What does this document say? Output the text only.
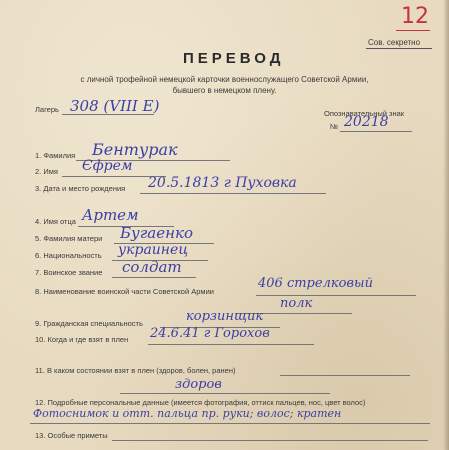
12
Сов. секретно
ПЕРЕВОД
с личной трофейной немецкой карточки военнослужащего Советской Армии,
бывшего в немецком плену.
Лагерь 308 (VIII Е)	Опознавательный знак
№ 20218
1. Фамилия Бентурак
2. Имя Єфрем
3. Дата и место рождения 20.5.1813 г Пуховка
4. Имя отца Артем
5. Фамилия матери Бугаенко
6. Национальность украинец
7. Воинское звание солдат
8. Наименование воинской части Советской Армии
406 стрелковый
полк
9. Гражданская специальность	корзинщик
10. Когда и где взят в плен 24.6.41 г Горохов
11. В каком состоянии взят в плен (здоров, болен, ранен)
здоров
12. Подробные персональные данные (имеется фотография, оттиск пальцев, нос, цвет волос)
Фотоснимок и отт. пальца пр. руки; волос; кратен
13. Особые приметы
